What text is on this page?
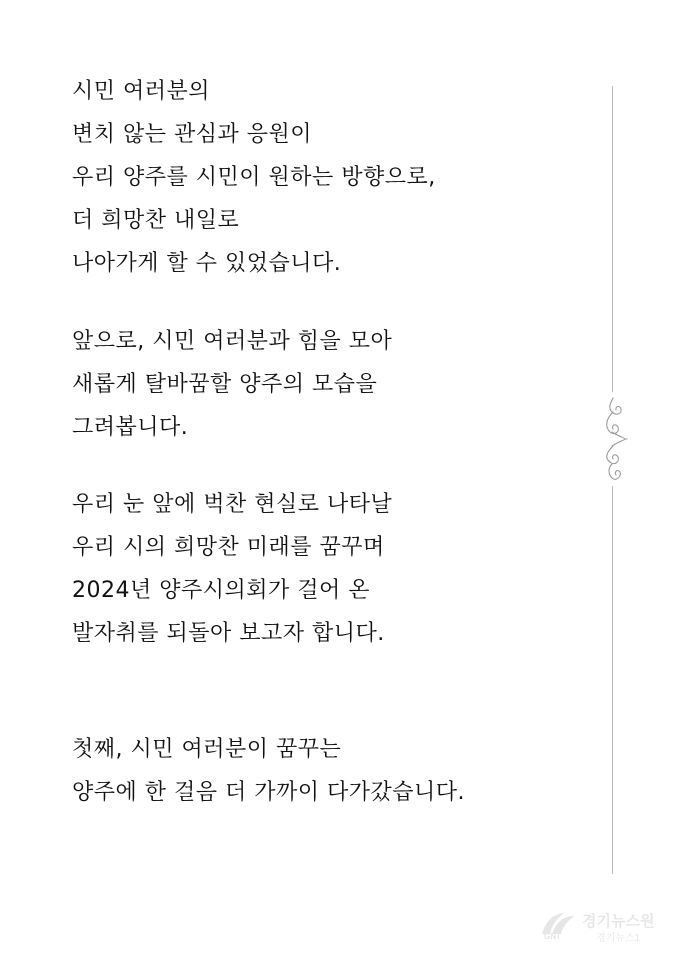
시민 여러분의
변치 않는 관심과 응원이
우리 양주를 시민이 원하는 방향으로,
더 희망찬 내일로
나아가게 할 수 있었습니다.
앞으로, 시민 여러분과 힘을 모아
새롭게 탈바꿈할 양주의 모습을
그려봅니다.
우리 눈 앞에 벅찬 현실로 나타날
우리 시의 희망찬 미래를 꿈꾸며
2024년 양주시의회가 걸어 온
발자취를 되돌아 보고자 합니다.
첫째, 시민 여러분이 꿈꾸는
양주에 한 걸음 더 가까이 다가갔습니다.
GNT
경기뉴스원
경기뉴스1
